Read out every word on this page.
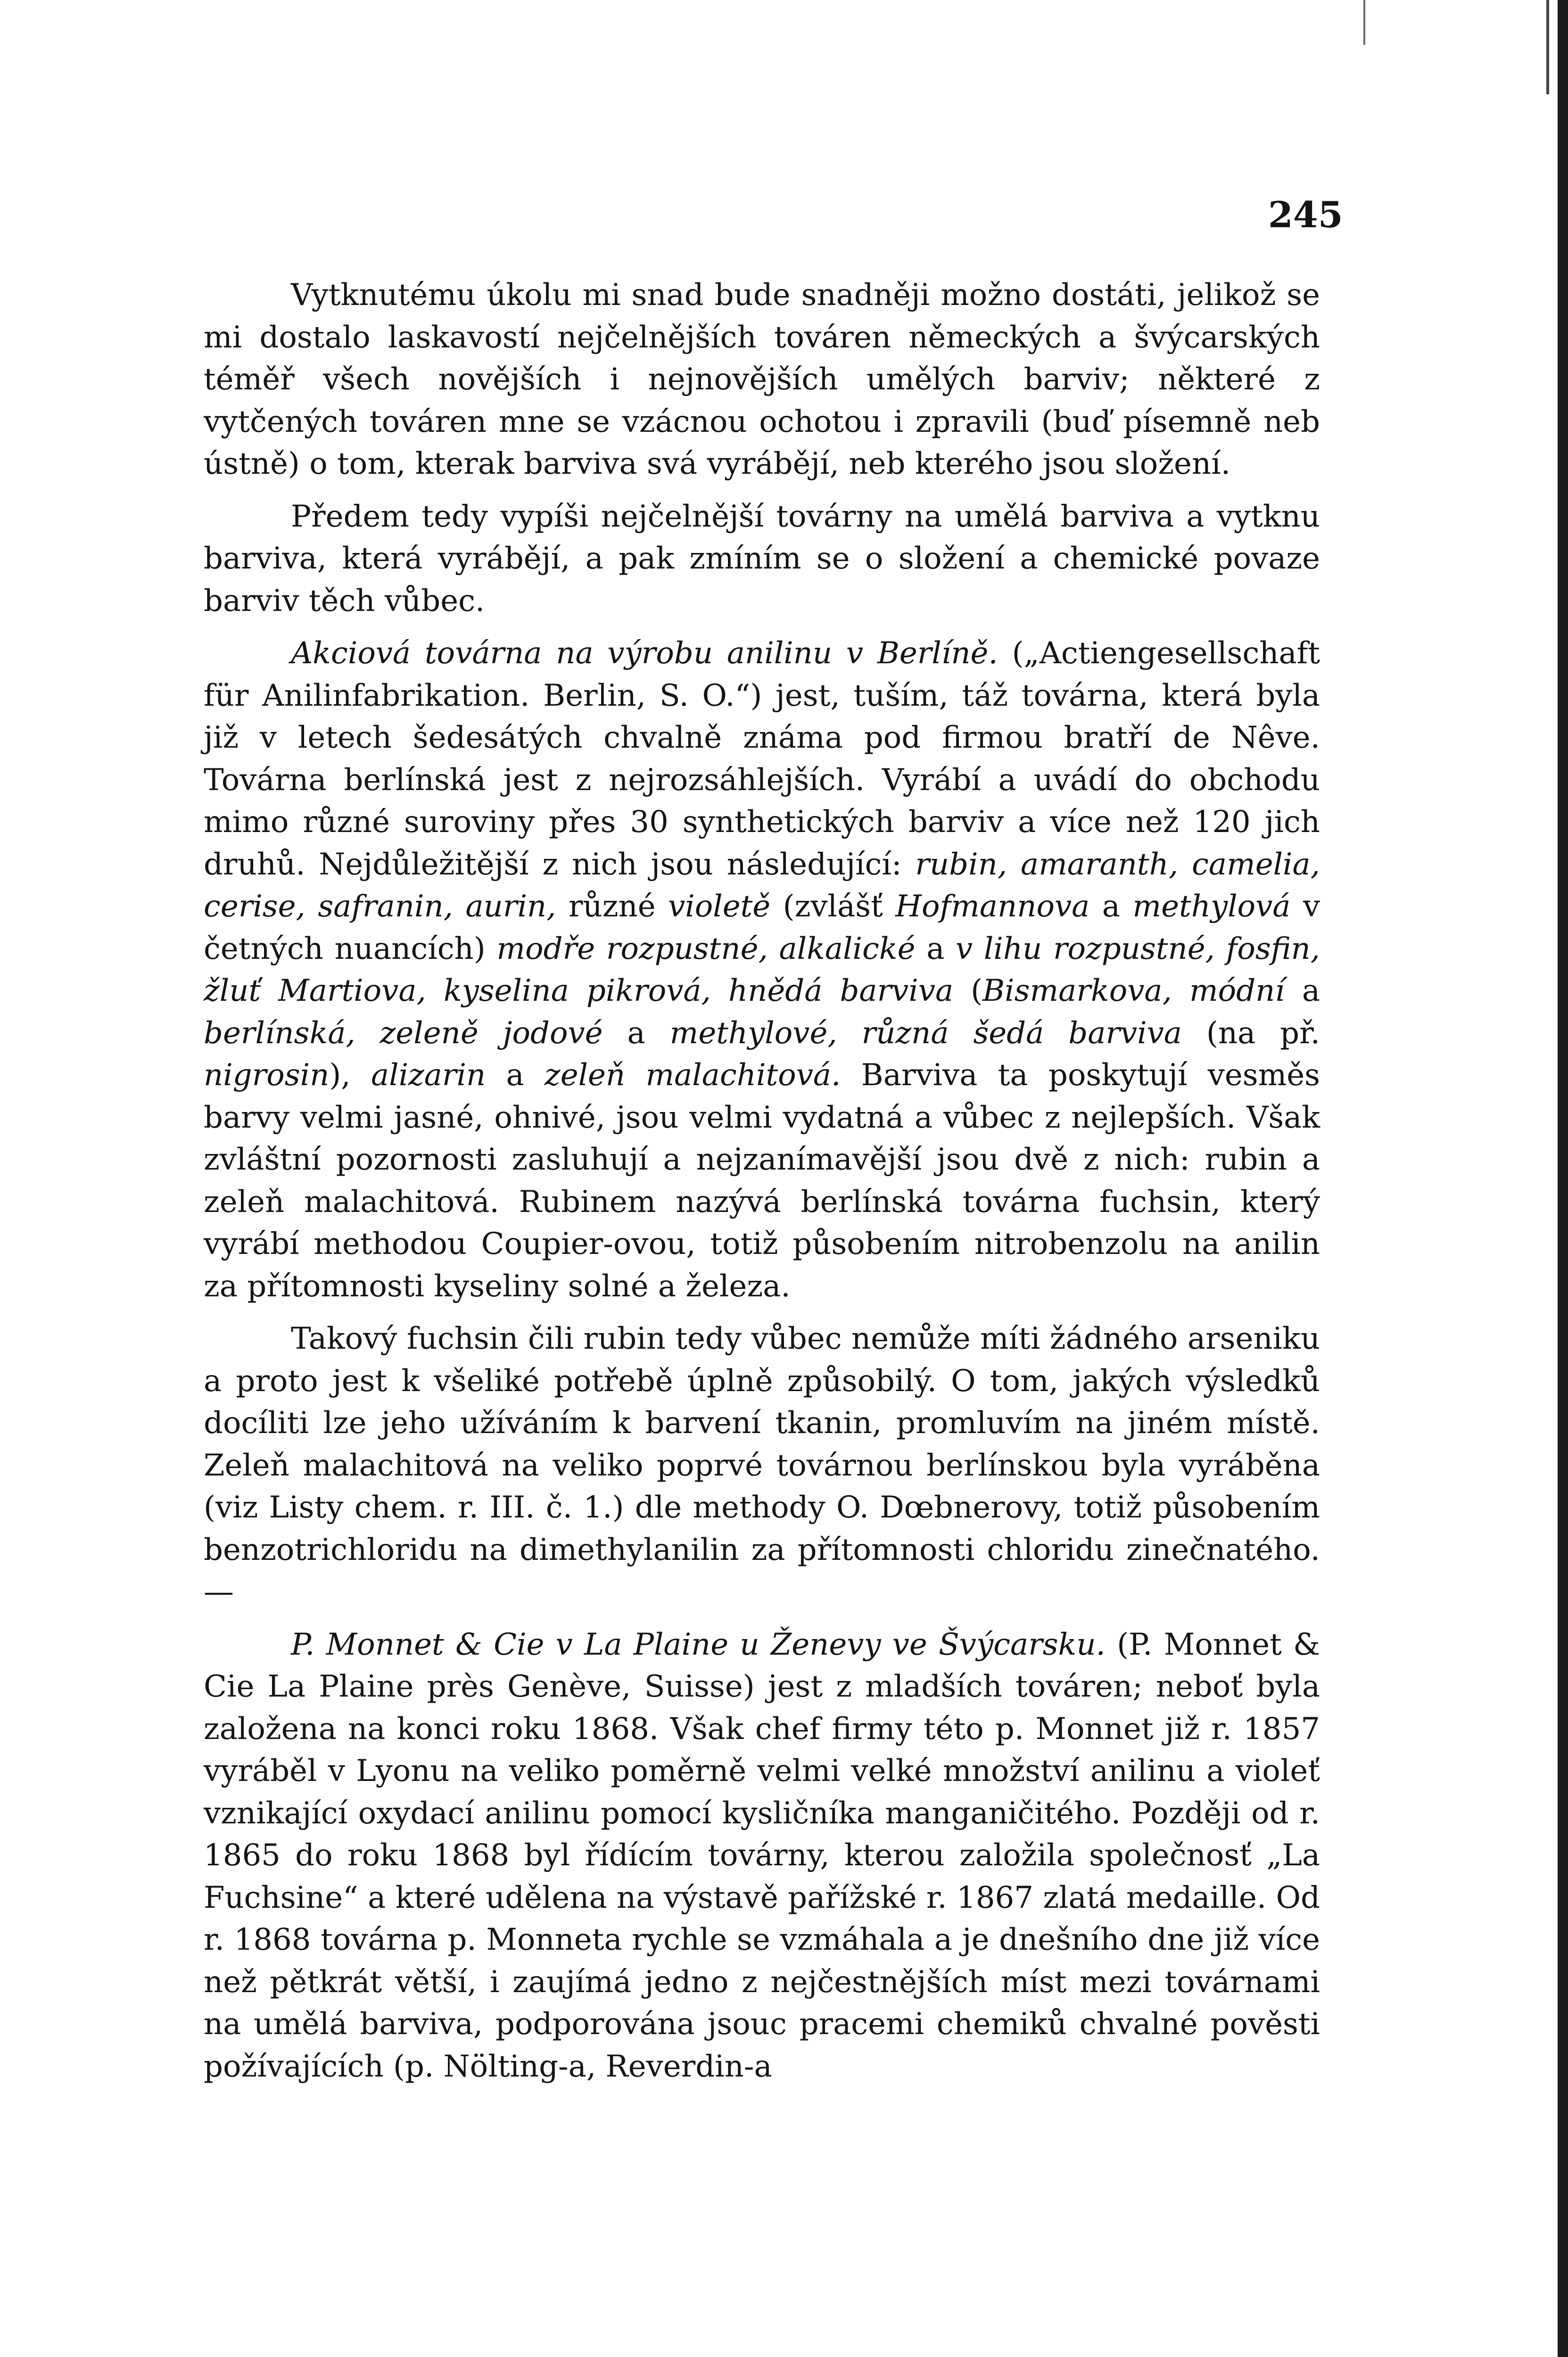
245

Vytknutému úkolu mi snad bude snadněji možno dostáti, jelikož se mi dostalo laskavostí nejčelnějších továren německých a švýcarských téměř všech novějších i nejnovějších umělých barviv; některé z vytčených továren mne se vzácnou ochotou i zpravili (buď písemně neb ústně) o tom, kterak barviva svá vyrábějí, neb kterého jsou složení.

Předem tedy vypíši nejčelnější továrny na umělá barviva a vytknu barviva, která vyrábějí, a pak zmíním se o složení a chemické povaze barviv těch vůbec.

Akciová továrna na výrobu anilinu v Berlíně. („Actiengesellschaft für Anilinfabrikation. Berlin, S. O.“) jest, tuším, táž továrna, která byla již v letech šedesátých chvalně známa pod firmou bratří de Nêve. Továrna berlínská jest z nejrozsáhlejších. Vyrábí a uvádí do obchodu mimo různé suroviny přes 30 synthetických barviv a více než 120 jich druhů. Nejdůležitější z nich jsou následující: rubin, amaranth, camelia, cerise, safranin, aurin, různé violetě (zvlášť Hofmannova a methylová v četných nuancích) modře rozpustné, alkalické a v lihu rozpustné, fosfin, žluť Martiova, kyselina pikrová, hnědá barviva (Bismarkova, módní a berlínská, zeleně jodové a methylové, různá šedá barviva (na př. nigrosin), alizarin a zeleň malachitová. Barviva ta poskytují vesměs barvy velmi jasné, ohnivé, jsou velmi vydatná a vůbec z nejlepších. Však zvláštní pozornosti zasluhují a nejzanímavější jsou dvě z nich: rubin a zeleň malachitová. Rubinem nazývá berlínská továrna fuchsin, který vyrábí methodou Coupier-ovou, totiž působením nitrobenzolu na anilin za přítomnosti kyseliny solné a železa.

Takový fuchsin čili rubin tedy vůbec nemůže míti žádného arseniku a proto jest k všeliké potřebě úplně způsobilý. O tom, jakých výsledků docíliti lze jeho užíváním k barvení tkanin, promluvím na jiném místě. Zeleň malachitová na veliko poprvé továrnou berlínskou byla vyráběna (viz Listy chem. r. III. č. 1.) dle methody O. Dœbnerovy, totiž působením benzotrichloridu na dimethylanilin za přítomnosti chloridu zinečnatého. —

P. Monnet & Cie v La Plaine u Ženevy ve Švýcarsku. (P. Monnet & Cie La Plaine près Genève, Suisse) jest z mladších továren; neboť byla založena na konci roku 1868. Však chef firmy této p. Monnet již r. 1857 vyráběl v Lyonu na veliko poměrně velmi velké množství anilinu a violeť vznikající oxydací anilinu pomocí kysličníka manganičitého. Později od r. 1865 do roku 1868 byl řídícím továrny, kterou založila společnosť „La Fuchsine“ a které udělena na výstavě pařížské r. 1867 zlatá medaille. Od r. 1868 továrna p. Monneta rychle se vzmáhala a je dnešního dne již více než pětkrát větší, i zaujímá jedno z nejčestnějších míst mezi továrnami na umělá barviva, podporována jsouc pracemi chemiků chvalné pověsti požívajících (p. Nölting-a, Reverdin-a
